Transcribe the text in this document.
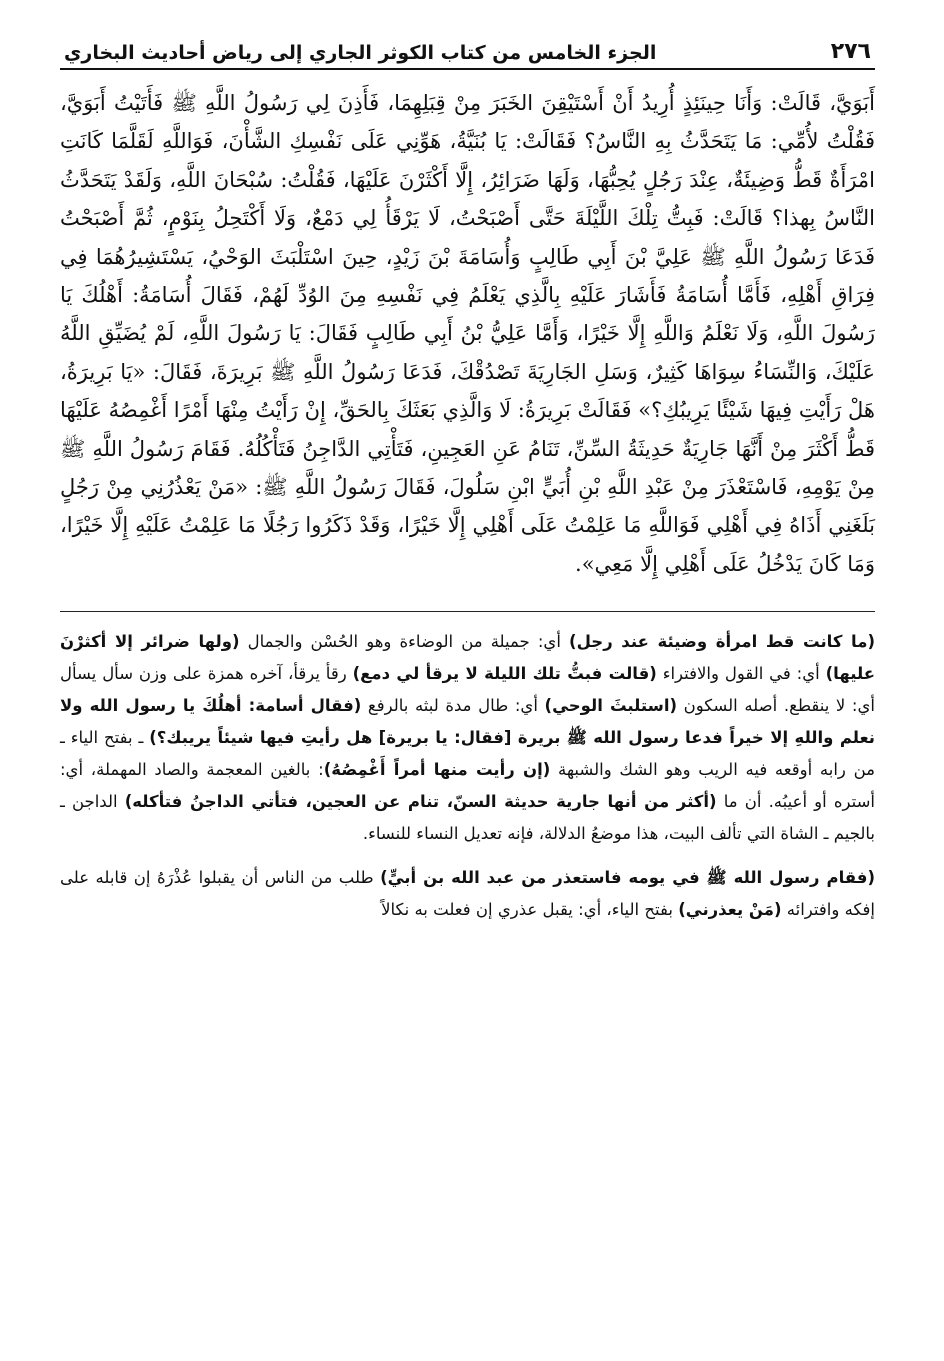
٢٧٦
الجزء الخامس من كتاب الكوثر الجاري إلى رياض أحاديث البخاري

أَبَوَيَّ، قَالَتْ: وَأَنَا حِينَئِذٍ أُرِيدُ أَنْ أَسْتَيْقِنَ الخَبَرَ مِنْ قِبَلِهِمَا، فَأَذِنَ لِي رَسُولُ اللَّهِ ﷺ فَأَتَيْتُ أَبَوَيَّ، فَقُلْتُ لأُمِّي: مَا يَتَحَدَّثُ بِهِ النَّاسُ؟ فَقَالَتْ: يَا بُنَيَّةُ، هَوِّنِي عَلَى نَفْسِكِ الشَّأْنَ، فَوَاللَّهِ لَقَلَّمَا كَانَتِ امْرَأَةٌ قَطُّ وَضِيئَةٌ، عِنْدَ رَجُلٍ يُحِبُّهَا، وَلَهَا ضَرَائِرُ، إِلَّا أَكْثَرْنَ عَلَيْهَا، فَقُلْتُ: سُبْحَانَ اللَّهِ، وَلَقَدْ يَتَحَدَّثُ النَّاسُ بِهذا؟ قَالَتْ: فَبِتُّ تِلْكَ اللَّيْلَةَ حَتَّى أَصْبَحْتُ، لَا يَرْقَأُ لِي دَمْعٌ، وَلَا أَكْتَحِلُ بِنَوْمٍ، ثُمَّ أَصْبَحْتُ فَدَعَا رَسُولُ اللَّهِ ﷺ عَلِيَّ بْنَ أَبِي طَالِبٍ وَأُسَامَةَ بْنَ زَيْدٍ، حِينَ اسْتَلْبَثَ الوَحْيُ، يَسْتَشِيرُهُمَا فِي فِرَاقِ أَهْلِهِ، فَأَمَّا أُسَامَةُ فَأَشَارَ عَلَيْهِ بِالَّذِي يَعْلَمُ فِي نَفْسِهِ مِنَ الوُدِّ لَهُمْ، فَقَالَ أُسَامَةُ: أَهْلُكَ يَا رَسُولَ اللَّهِ، وَلَا نَعْلَمُ وَاللَّهِ إِلَّا خَيْرًا، وَأَمَّا عَلِيُّ بْنُ أَبِي طَالِبٍ فَقَالَ: يَا رَسُولَ اللَّهِ، لَمْ يُضَيِّقِ اللَّهُ عَلَيْكَ، وَالنِّسَاءُ سِوَاهَا كَثِيرٌ، وَسَلِ الجَارِيَةَ تَصْدُقْكَ، فَدَعَا رَسُولُ اللَّهِ ﷺ بَرِيرَةَ، فَقَالَ: «يَا بَرِيرَةُ، هَلْ رَأَيْتِ فِيهَا شَيْئًا يَرِيبُكِ؟» فَقَالَتْ بَرِيرَةُ: لَا وَالَّذِي بَعَثَكَ بِالحَقِّ، إِنْ رَأَيْتُ مِنْهَا أَمْرًا أَغْمِصُهُ عَلَيْهَا قَطُّ أَكْثَرَ مِنْ أَنَّهَا جَارِيَةٌ حَدِيثَةُ السِّنِّ، تَنَامُ عَنِ العَجِينِ، فَتَأْتِي الدَّاجِنُ فَتَأْكُلُهُ. فَقَامَ رَسُولُ اللَّهِ ﷺ مِنْ يَوْمِهِ، فَاسْتَعْذَرَ مِنْ عَبْدِ اللَّهِ بْنِ أُبَيٍّ ابْنِ سَلُولَ، فَقَالَ رَسُولُ اللَّهِ ﷺ: «مَنْ يَعْذُرُنِي مِنْ رَجُلٍ بَلَغَنِي أَذَاهُ فِي أَهْلِي فَوَاللَّهِ مَا عَلِمْتُ عَلَى أَهْلِي إِلَّا خَيْرًا، وَقَدْ ذَكَرُوا رَجُلًا مَا عَلِمْتُ عَلَيْهِ إِلَّا خَيْرًا، وَمَا كَانَ يَدْخُلُ عَلَى أَهْلِي إِلَّا مَعِي».

(ما كانت قط امرأة وضيئة عند رجل) أي: جميلة من الوضاءة وهو الحُسْن والجمال (ولها ضرائر إلا أكثرْنَ عليها) أي: في القول والافتراء (قالت فبتُّ تلك الليلة لا يرقأ لي دمع) رقأ يرقأ، آخره همزة على وزن سأل يسأل أي: لا ينقطع. أصله السكون (استلبثَ الوحي) أي: طال مدة لبثه بالرفع (فقال أسامة: أهلُكَ يا رسول الله ولا نعلم واللهِ إلا خيراً فدعا رسول الله ﷺ بريرة [فقال: يا بريرة] هل رأيتِ فيها شيئاً يريبك؟) ـ بفتح الياء ـ من رابه أوقعه فيه الريب وهو الشك والشبهة (إن رأيت منها أمراً أَغْمِصُهُ): بالغين المعجمة والصاد المهملة، أي: أستره أو أعيبُه. أن ما (أكثر من أنها جارية حديثة السنّ، تنام عن العجين، فتأتي الداجنُ فتأكله) الداجن ـ بالجيم ـ الشاة التي تألف البيت، هذا موضعُ الدلالة، فإنه تعديل النساء للنساء.

(فقام رسول الله ﷺ في يومه فاستعذر من عبد الله بن أبيٍّ) طلب من الناس أن يقبلوا عُذْرَهُ إن قابله على إفكه وافترائه (مَنْ يعذرني) بفتح الياء، أي: يقبل عذري إن فعلت به نكالاً
